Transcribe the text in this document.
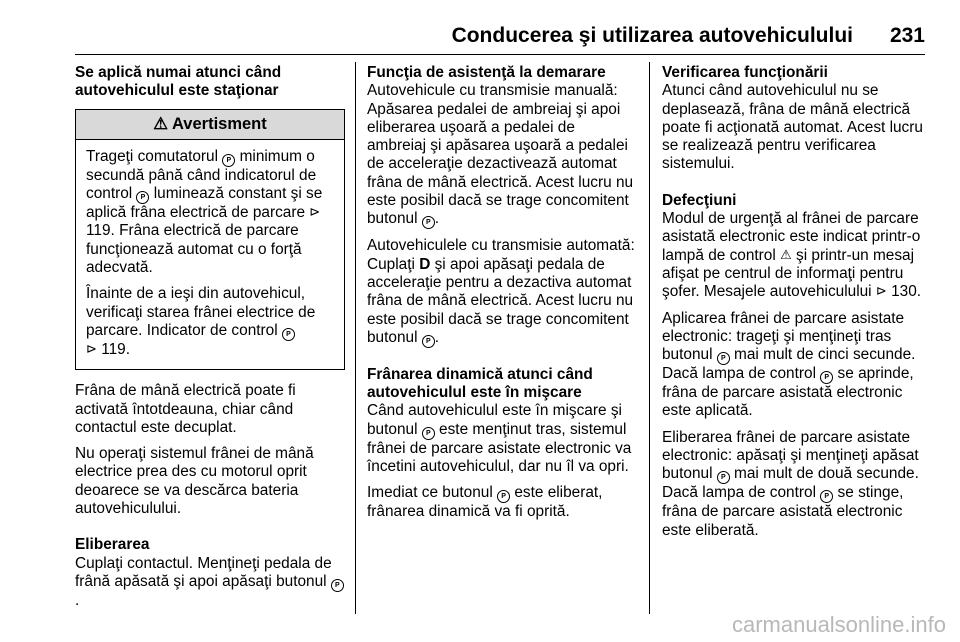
Conducerea şi utilizarea autovehiculului 231

Se aplică numai atunci când autovehiculul este staţionar

⚠ Avertisment

Trageţi comutatorul P minimum o secundă până când indicatorul de control P luminează constant şi se aplică frâna electrică de parcare ⊳ 119. Frâna electrică de parcare funcţionează automat cu o forţă adecvată.

Înainte de a ieşi din autovehicul, verificaţi starea frânei electrice de parcare. Indicator de control P
⊳ 119.

Frâna de mână electrică poate fi activată întotdeauna, chiar când contactul este decuplat.

Nu operaţi sistemul frânei de mână electrice prea des cu motorul oprit deoarece se va descărca bateria autovehiculului.

Eliberarea

Cuplaţi contactul. Menţineţi pedala de frână apăsată şi apoi apăsaţi butonul P.

Funcţia de asistenţă la demarare

Autovehicule cu transmisie manuală: Apăsarea pedalei de ambreiaj şi apoi eliberarea uşoară a pedalei de ambreiaj şi apăsarea uşoară a pedalei de acceleraţie dezactivează automat frâna de mână electrică. Acest lucru nu este posibil dacă se trage concomitent butonul P .

Autovehiculele cu transmisie automată: Cuplaţi D şi apoi apăsaţi pedala de acceleraţie pentru a dezactiva automat frâna de mână electrică. Acest lucru nu este posibil dacă se trage concomitent butonul P .

Frânarea dinamică atunci când autovehiculul este în mişcare

Când autovehiculul este în mişcare şi butonul P este menţinut tras, sistemul frânei de parcare asistate electronic va încetini autovehiculul, dar nu îl va opri.

Imediat ce butonul P este eliberat, frânarea dinamică va fi oprită.

Verificarea funcţionării

Atunci când autovehiculul nu se deplasează, frâna de mână electrică poate fi acţionată automat. Acest lucru se realizează pentru verificarea sistemului.

Defecţiuni

Modul de urgenţă al frânei de parcare asistată electronic este indicat printr-o lampă de control ⚠ şi printr-un mesaj afişat pe centrul de informaţi pentru şofer. Mesajele autovehiculului ⊳ 130.

Aplicarea frânei de parcare asistate electronic: trageţi şi menţineţi tras butonul P mai mult de cinci secunde. Dacă lampa de control P se aprinde, frâna de parcare asistată electronic este aplicată.

Eliberarea frânei de parcare asistate electronic: apăsaţi şi menţineţi apăsat butonul P mai mult de două secunde. Dacă lampa de control P se stinge, frâna de parcare asistată electronic este eliberată.

carmanualsonline.info
